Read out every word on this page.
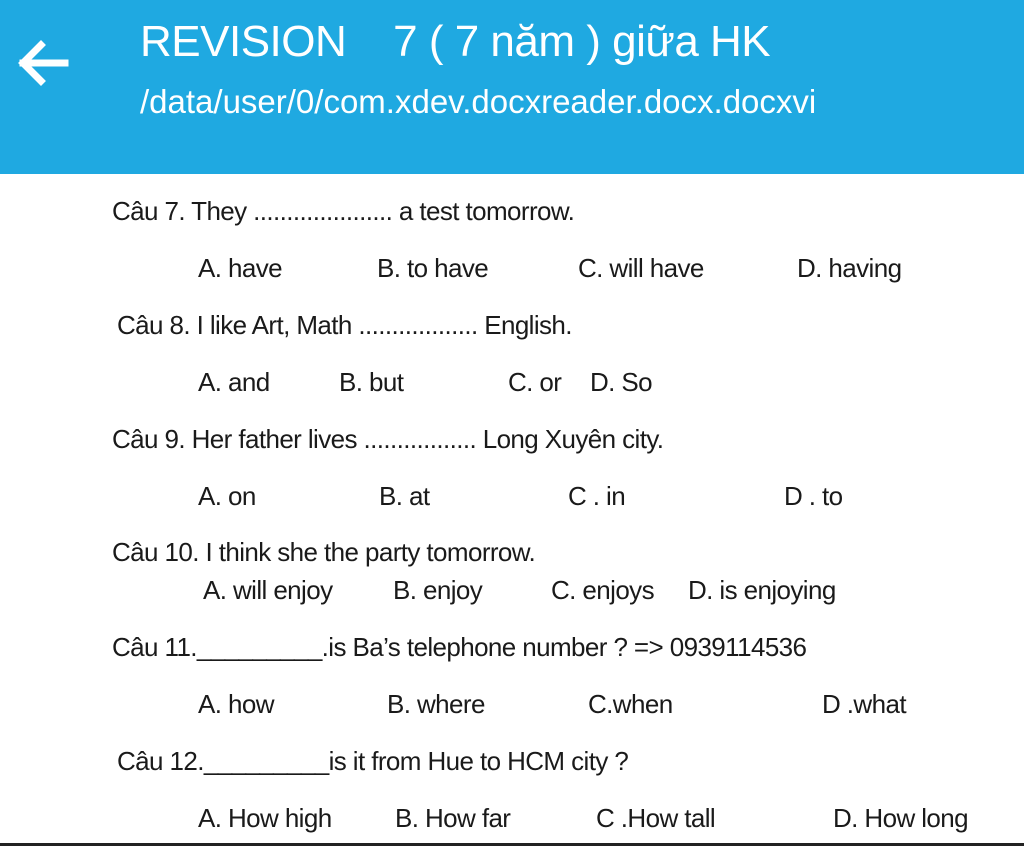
REVISION    7 ( 7 năm ) giữa HK
/data/user/0/com.xdev.docxreader.docx.docxvi
Câu 7. They ..................... a test tomorrow.
A. have	B. to have	C. will have	D. having
Câu 8. I like Art, Math .................. English.
A. and	B. but	C. or D. So
Câu 9. Her father lives ................. Long Xuyên city.
A. on	B. at	C . in	D . to
Câu 10. I think she the party tomorrow.
A. will enjoy B. enjoy	C. enjoys D. is enjoying
Câu 11._________.is Ba’s telephone number ? => 0939114536
A. how	B. where	C.when	D .what
Câu 12._________is it from Hue to HCM city ?
A. How high B. How far	C .How tall	D. How long
